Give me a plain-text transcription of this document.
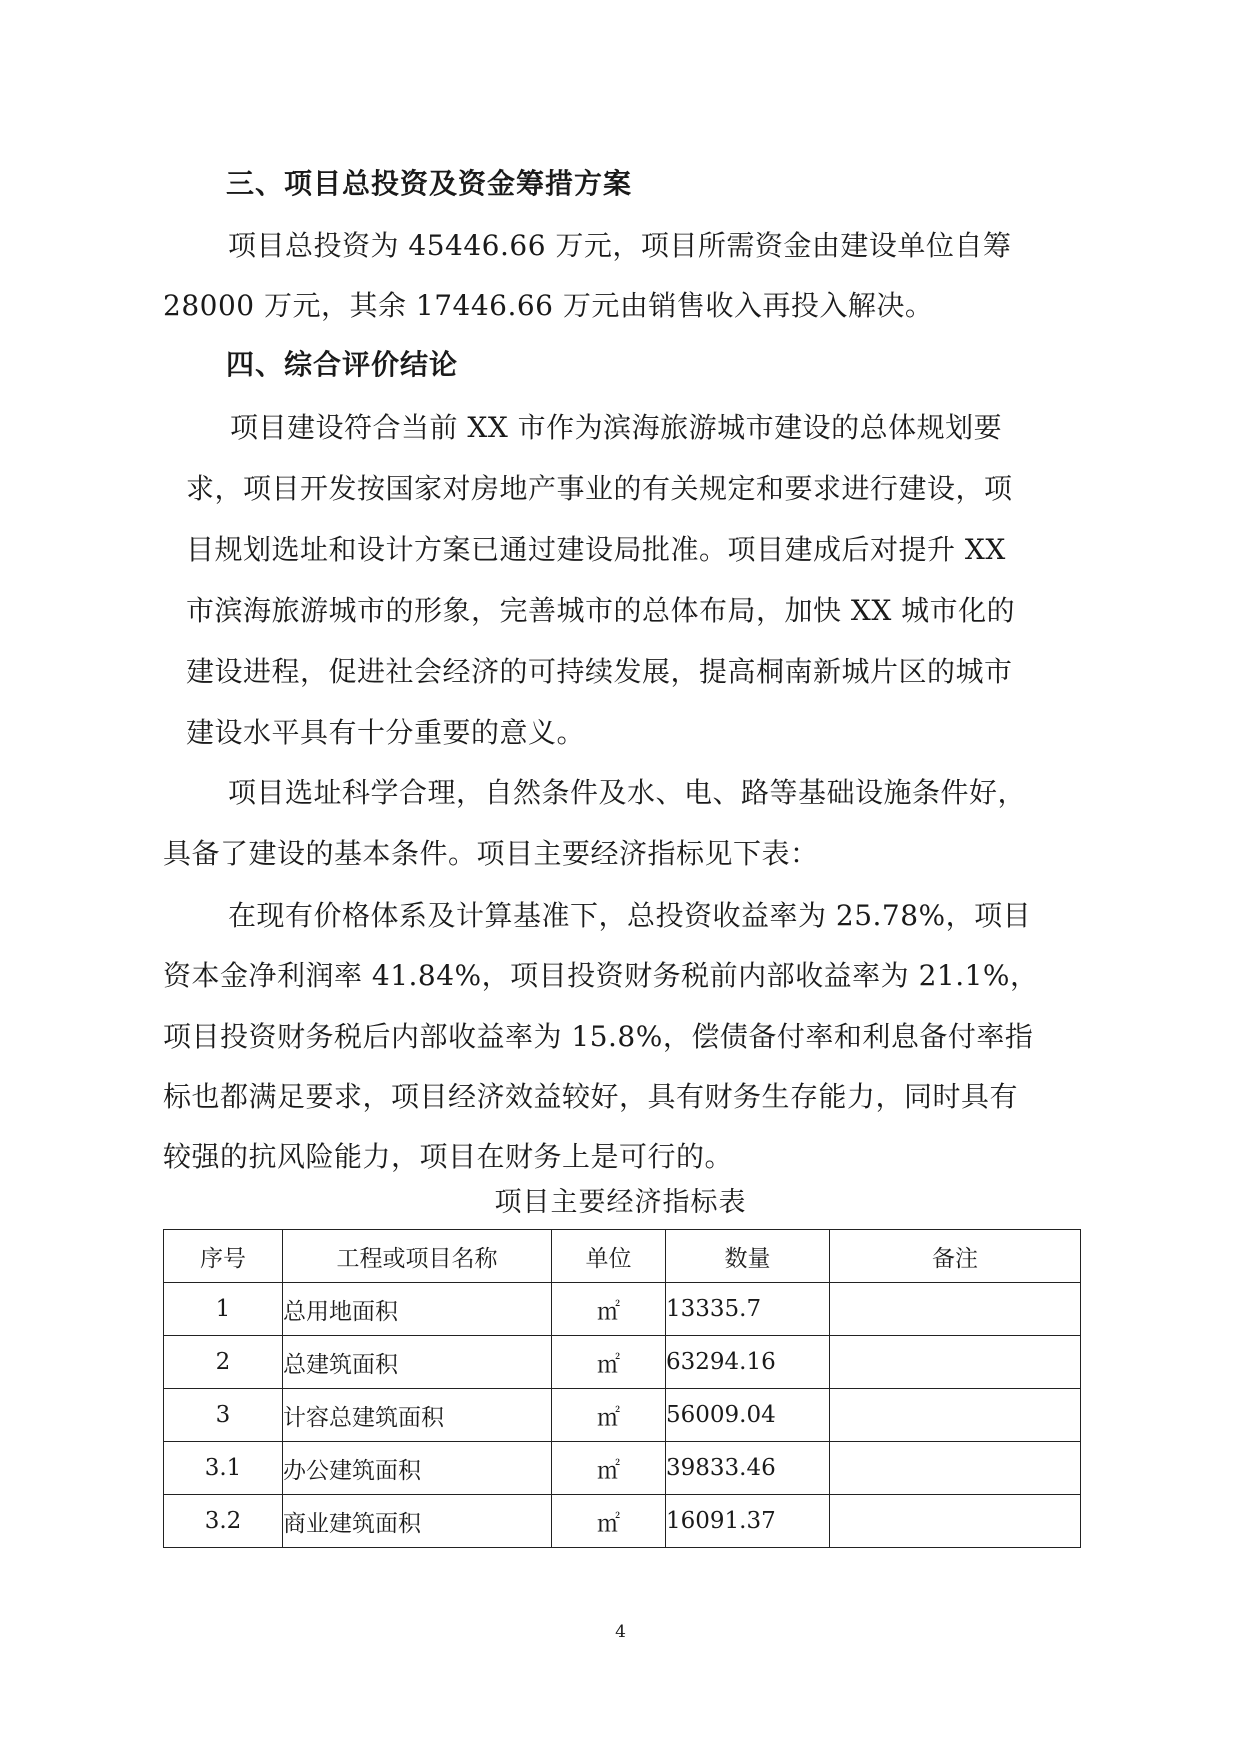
三、项目总投资及资金筹措方案
项目总投资为 45446.66 万元，项目所需资金由建设单位自筹
28000 万元，其余 17446.66 万元由销售收入再投入解决。
四、综合评价结论
项目建设符合当前 XX 市作为滨海旅游城市建设的总体规划要
求，项目开发按国家对房地产事业的有关规定和要求进行建设，项
目规划选址和设计方案已通过建设局批准。项目建成后对提升 XX
市滨海旅游城市的形象，完善城市的总体布局，加快 XX 城市化的
建设进程，促进社会经济的可持续发展，提高桐南新城片区的城市
建设水平具有十分重要的意义。
项目选址科学合理，自然条件及水、电、路等基础设施条件好，
具备了建设的基本条件。项目主要经济指标见下表：
在现有价格体系及计算基准下，总投资收益率为 25.78%，项目
资本金净利润率 41.84%，项目投资财务税前内部收益率为 21.1%，
项目投资财务税后内部收益率为 15.8%，偿债备付率和利息备付率指
标也都满足要求，项目经济效益较好，具有财务生存能力，同时具有
较强的抗风险能力，项目在财务上是可行的。
项目主要经济指标表
序号	工程或项目名称	单位	数量	备注
1	总用地面积	㎡	13335.7	
2	总建筑面积	㎡	63294.16	
3	计容总建筑面积	㎡	56009.04	
3.1	办公建筑面积	㎡	39833.46	
3.2	商业建筑面积	㎡	16091.37	
4
